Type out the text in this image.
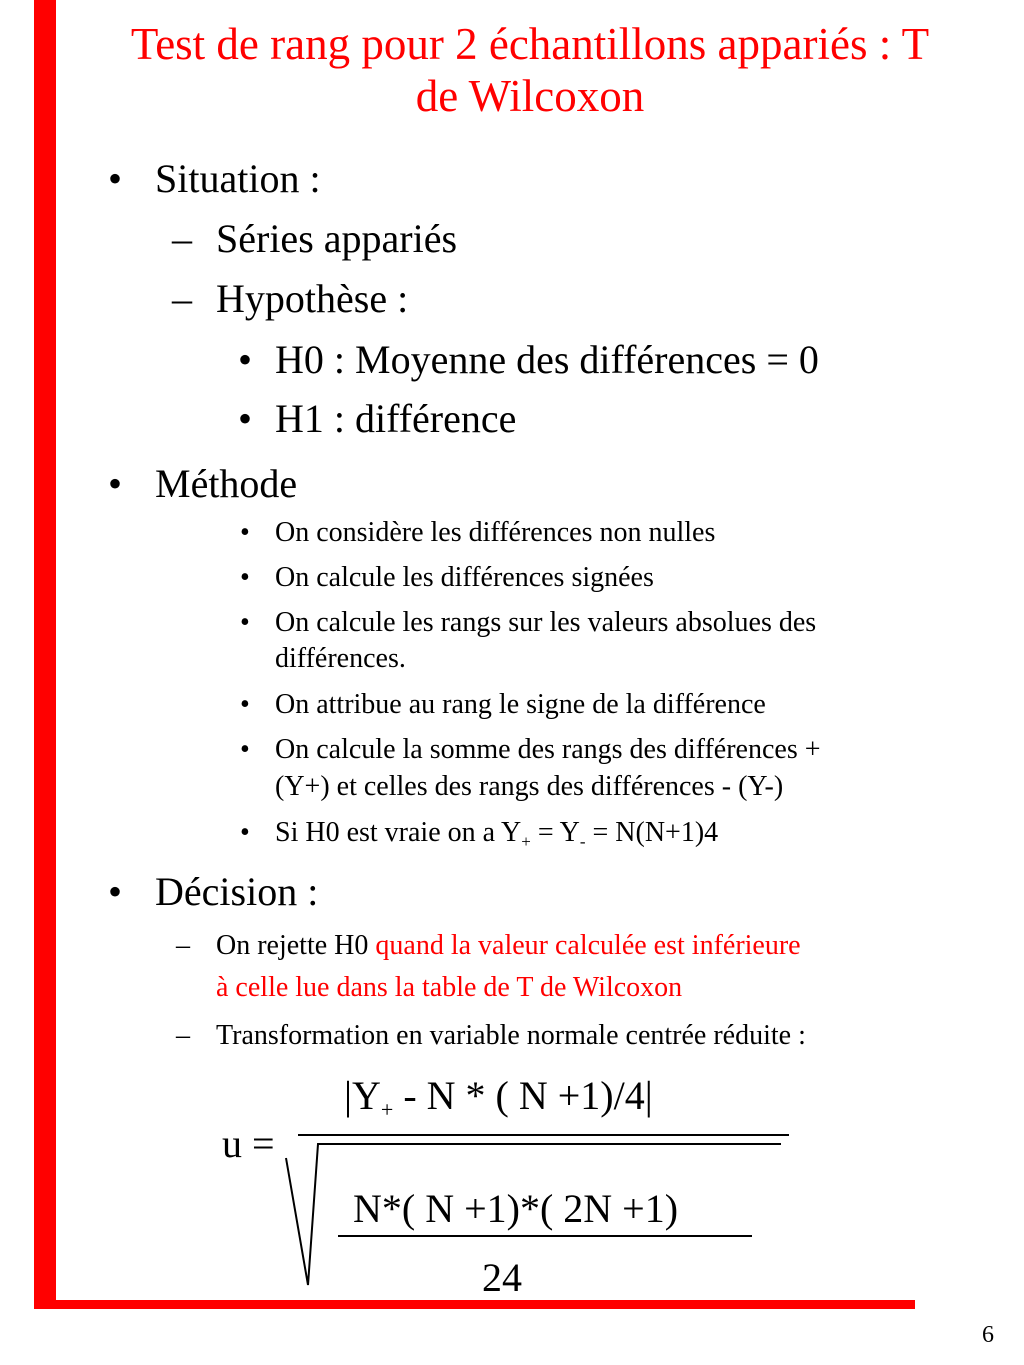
Test de rang pour 2 échantillons appariés : T de Wilcoxon
• Situation :
– Séries appariés
– Hypothèse :
• H0 : Moyenne des différences = 0
• H1 : différence
• Méthode
• On considère les différences non nulles
• On calcule les différences signées
• On calcule les rangs sur les valeurs absolues des
différences.
• On attribue au rang le signe de la différence
• On calcule la somme des rangs des différences +
(Y+) et celles des rangs des différences - (Y-)
• Si H0 est vraie on a $Y_+ = Y_- = N(N+1)4$
• Décision :
– On rejette H0 quand la valeur calculée est inférieure
à celle lue dans la table de T de Wilcoxon
– Transformation en variable normale centrée réduite :
$|Y_+$ - N * ( N +1)/4|
u =
N*( N +1)*( 2N +1)
24
6
